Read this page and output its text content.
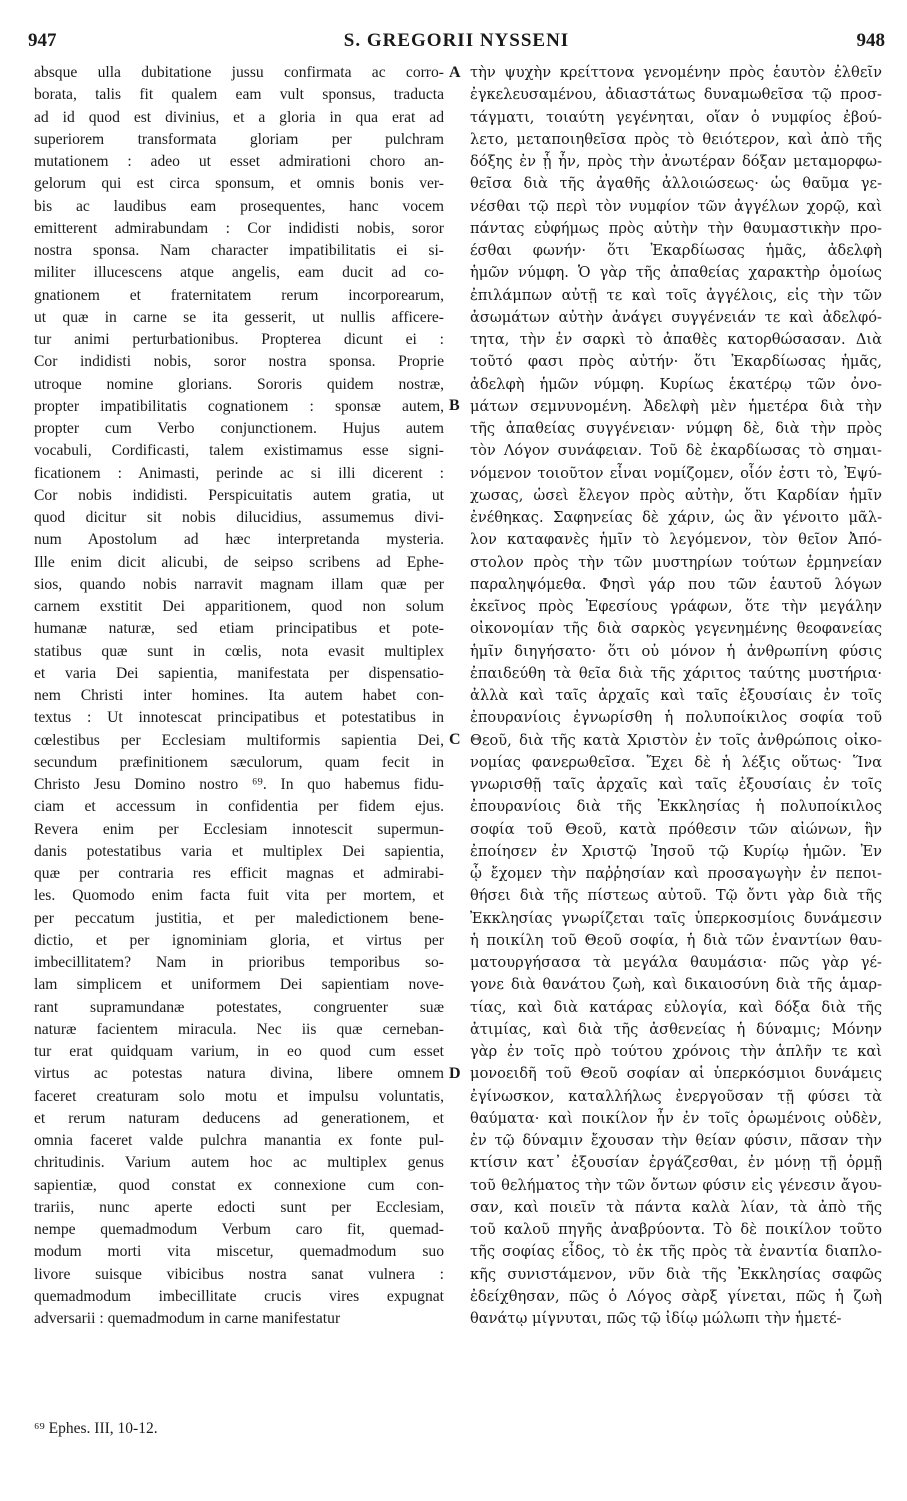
947	S. GREGORII NYSSENI	948
absque ulla dubitatione jussu confirmata ac corro-
borata, talis fit qualem eam vult sponsus, traducta
ad id quod est divinius, et a gloria in qua erat ad
superiorem transformata gloriam per pulchram
mutationem : adeo ut esset admirationi choro an-
gelorum qui est circa sponsum, et omnis bonis ver-
bis ac laudibus eam prosequentes, hanc vocem
emitterent admirabundam : Cor indidisti nobis, soror
nostra sponsa. Nam character impatibilitatis ei si-
militer illucescens atque angelis, eam ducit ad co-
gnationem et fraternitatem rerum incorporearum,
ut quæ in carne se ita gesserit, ut nullis afficere-
tur animi perturbationibus. Propterea dicunt ei :
Cor indidisti nobis, soror nostra sponsa. Proprie
utroque nomine glorians. Sororis quidem nostræ,
propter impatibilitatis cognationem : sponsæ autem,
propter cum Verbo conjunctionem. Hujus autem
vocabuli, Cordificasti, talem existimamus esse signi-
ficationem : Animasti, perinde ac si illi dicerent :
Cor nobis indidisti. Perspicuitatis autem gratia, ut
quod dicitur sit nobis dilucidius, assumemus divi-
num Apostolum ad hæc interpretanda mysteria.
Ille enim dicit alicubi, de seipso scribens ad Ephe-
sios, quando nobis narravit magnam illam quæ per
carnem exstitit Dei apparitionem, quod non solum
humanæ naturæ, sed etiam principatibus et pote-
statibus quæ sunt in cœlis, nota evasit multiplex
et varia Dei sapientia, manifestata per dispensatio-
nem Christi inter homines. Ita autem habet con-
textus : Ut innotescat principatibus et potestatibus in
cœlestibus per Ecclesiam multiformis sapientia Dei,
secundum præfinitionem sæculorum, quam fecit in
Christo Jesu Domino nostro ⁶⁹. In quo habemus fidu-
ciam et accessum in confidentia per fidem ejus.
Revera enim per Ecclesiam innotescit supermun-
danis potestatibus varia et multiplex Dei sapientia,
quæ per contraria res efficit magnas et admirabi-
les. Quomodo enim facta fuit vita per mortem, et
per peccatum justitia, et per maledictionem bene-
dictio, et per ignominiam gloria, et virtus per
imbecillitatem? Nam in prioribus temporibus so-
lam simplicem et uniformem Dei sapientiam nove-
rant supramundanæ potestates, congruenter suæ
naturæ facientem miracula. Nec iis quæ cerneban-
tur erat quidquam varium, in eo quod cum esset
virtus ac potestas natura divina, libere omnem
faceret creaturam solo motu et impulsu voluntatis,
et rerum naturam deducens ad generationem, et
omnia faceret valde pulchra manantia ex fonte pul-
chritudinis. Varium autem hoc ac multiplex genus
sapientiæ, quod constat ex connexione cum con-
trariis, nunc aperte edocti sunt per Ecclesiam,
nempe quemadmodum Verbum caro fit, quemad-
modum morti vita miscetur, quemadmodum suo
livore suisque vibicibus nostra sanat vulnera :
quemadmodum imbecillitate crucis vires expugnat
adversarii : quemadmodum in carne manifestatur
τὴν ψυχὴν κρείττονα γενομένην πρὸς ἑαυτὸν ἐλθεῖν
ἐγκελευσαμένου, ἀδιαστάτως δυναμωθεῖσα τῷ προσ-
τάγματι, τοιαύτη γεγένηται, οἵαν ὁ νυμφίος ἐβού-
λετο, μεταποιηθεῖσα πρὸς τὸ θειότερον, καὶ ἀπὸ τῆς
δόξης ἐν ᾗ ἦν, πρὸς τὴν ἀνωτέραν δόξαν μεταμορφω-
θεῖσα διὰ τῆς ἀγαθῆς ἀλλοιώσεως· ὡς θαῦμα γε-
νέσθαι τῷ περὶ τὸν νυμφίον τῶν ἀγγέλων χορῷ, καὶ
πάντας εὐφήμως πρὸς αὐτὴν τὴν θαυμαστικὴν προ-
έσθαι φωνήν· ὅτι Ἐκαρδίωσας ἡμᾶς, ἀδελφὴ
ἡμῶν νύμφη. Ὁ γὰρ τῆς ἀπαθείας χαρακτὴρ ὁμοίως
ἐπιλάμπων αὐτῇ τε καὶ τοῖς ἀγγέλοις, εἰς τὴν τῶν
ἀσωμάτων αὐτὴν ἀνάγει συγγένειάν τε καὶ ἀδελφό-
τητα, τὴν ἐν σαρκὶ τὸ ἀπαθὲς κατορθώσασαν. Διὰ
τοῦτό φασι πρὸς αὐτήν· ὅτι Ἐκαρδίωσας ἡμᾶς,
ἀδελφὴ ἡμῶν νύμφη. Κυρίως ἑκατέρῳ τῶν ὀνο-
μάτων σεμνυνομένη. Ἀδελφὴ μὲν ἡμετέρα διὰ τὴν
τῆς ἀπαθείας συγγένειαν· νύμφη δὲ, διὰ τὴν πρὸς
τὸν Λόγον συνάφειαν. Τοῦ δὲ ἐκαρδίωσας τὸ σημαι-
νόμενον τοιοῦτον εἶναι νομίζομεν, οἷόν ἐστι τὸ, Ἐψύ-
χωσας, ὡσεὶ ἔλεγον πρὸς αὐτὴν, ὅτι Καρδίαν ἡμῖν
ἐνέθηκας. Σαφηνείας δὲ χάριν, ὡς ἂν γένοιτο μᾶλ-
λον καταφανὲς ἡμῖν τὸ λεγόμενον, τὸν θεῖον Ἀπό-
στολον πρὸς τὴν τῶν μυστηρίων τούτων ἑρμηνείαν
παραληψόμεθα. Φησὶ γάρ που τῶν ἑαυτοῦ λόγων
ἐκεῖνος πρὸς Ἐφεσίους γράφων, ὅτε τὴν μεγάλην
οἰκονομίαν τῆς διὰ σαρκὸς γεγενημένης θεοφανείας
ἡμῖν διηγήσατο· ὅτι οὐ μόνον ἡ ἀνθρωπίνη φύσις
ἐπαιδεύθη τὰ θεῖα διὰ τῆς χάριτος ταύτης μυστήρια·
ἀλλὰ καὶ ταῖς ἀρχαῖς καὶ ταῖς ἐξουσίαις ἐν τοῖς
ἐπουρανίοις ἐγνωρίσθη ἡ πολυποίκιλος σοφία τοῦ
Θεοῦ, διὰ τῆς κατὰ Χριστὸν ἐν τοῖς ἀνθρώποις οἰκο-
νομίας φανερωθεῖσα. Ἔχει δὲ ἡ λέξις οὕτως· Ἵνα
γνωρισθῇ ταῖς ἀρχαῖς καὶ ταῖς ἐξουσίαις ἐν τοῖς
ἐπουρανίοις διὰ τῆς Ἐκκλησίας ἡ πολυποίκιλος
σοφία τοῦ Θεοῦ, κατὰ πρόθεσιν τῶν αἰώνων, ἣν
ἐποίησεν ἐν Χριστῷ Ἰησοῦ τῷ Κυρίῳ ἡμῶν. Ἐν
ᾧ ἔχομεν τὴν παῤῥησίαν καὶ προσαγωγὴν ἐν πεποι-
θήσει διὰ τῆς πίστεως αὐτοῦ. Τῷ ὄντι γὰρ διὰ τῆς
Ἐκκλησίας γνωρίζεται ταῖς ὑπερκοσμίοις δυνάμεσιν
ἡ ποικίλη τοῦ Θεοῦ σοφία, ἡ διὰ τῶν ἐναντίων θαυ-
ματουργήσασα τὰ μεγάλα θαυμάσια· πῶς γὰρ γέ-
γονε διὰ θανάτου ζωὴ, καὶ δικαιοσύνη διὰ τῆς ἁμαρ-
τίας, καὶ διὰ κατάρας εὐλογία, καὶ δόξα διὰ τῆς
ἀτιμίας, καὶ διὰ τῆς ἀσθενείας ἡ δύναμις; Μόνην
γὰρ ἐν τοῖς πρὸ τούτου χρόνοις τὴν ἁπλῆν τε καὶ
μονοειδῆ τοῦ Θεοῦ σοφίαν αἱ ὑπερκόσμιοι δυνάμεις
ἐγίνωσκον, καταλλήλως ἐνεργοῦσαν τῇ φύσει τὰ
θαύματα· καὶ ποικίλον ἦν ἐν τοῖς ὁρωμένοις οὐδὲν,
ἐν τῷ δύναμιν ἔχουσαν τὴν θείαν φύσιν, πᾶσαν τὴν
κτίσιν κατ᾽ ἐξουσίαν ἐργάζεσθαι, ἐν μόνῃ τῇ ὁρμῇ
τοῦ θελήματος τὴν τῶν ὄντων φύσιν εἰς γένεσιν ἄγου-
σαν, καὶ ποιεῖν τὰ πάντα καλὰ λίαν, τὰ ἀπὸ τῆς
τοῦ καλοῦ πηγῆς ἀναβρύοντα. Τὸ δὲ ποικίλον τοῦτο
τῆς σοφίας εἶδος, τὸ ἐκ τῆς πρὸς τὰ ἐναντία διαπλο-
κῆς συνιστάμενον, νῦν διὰ τῆς Ἐκκλησίας σαφῶς
ἐδείχθησαν, πῶς ὁ Λόγος σὰρξ γίνεται, πῶς ἡ ζωὴ
θανάτῳ μίγνυται, πῶς τῷ ἰδίῳ μώλωπι τὴν ἡμετέ-
A
B
C
D
⁶⁹ Ephes. III, 10-12.
